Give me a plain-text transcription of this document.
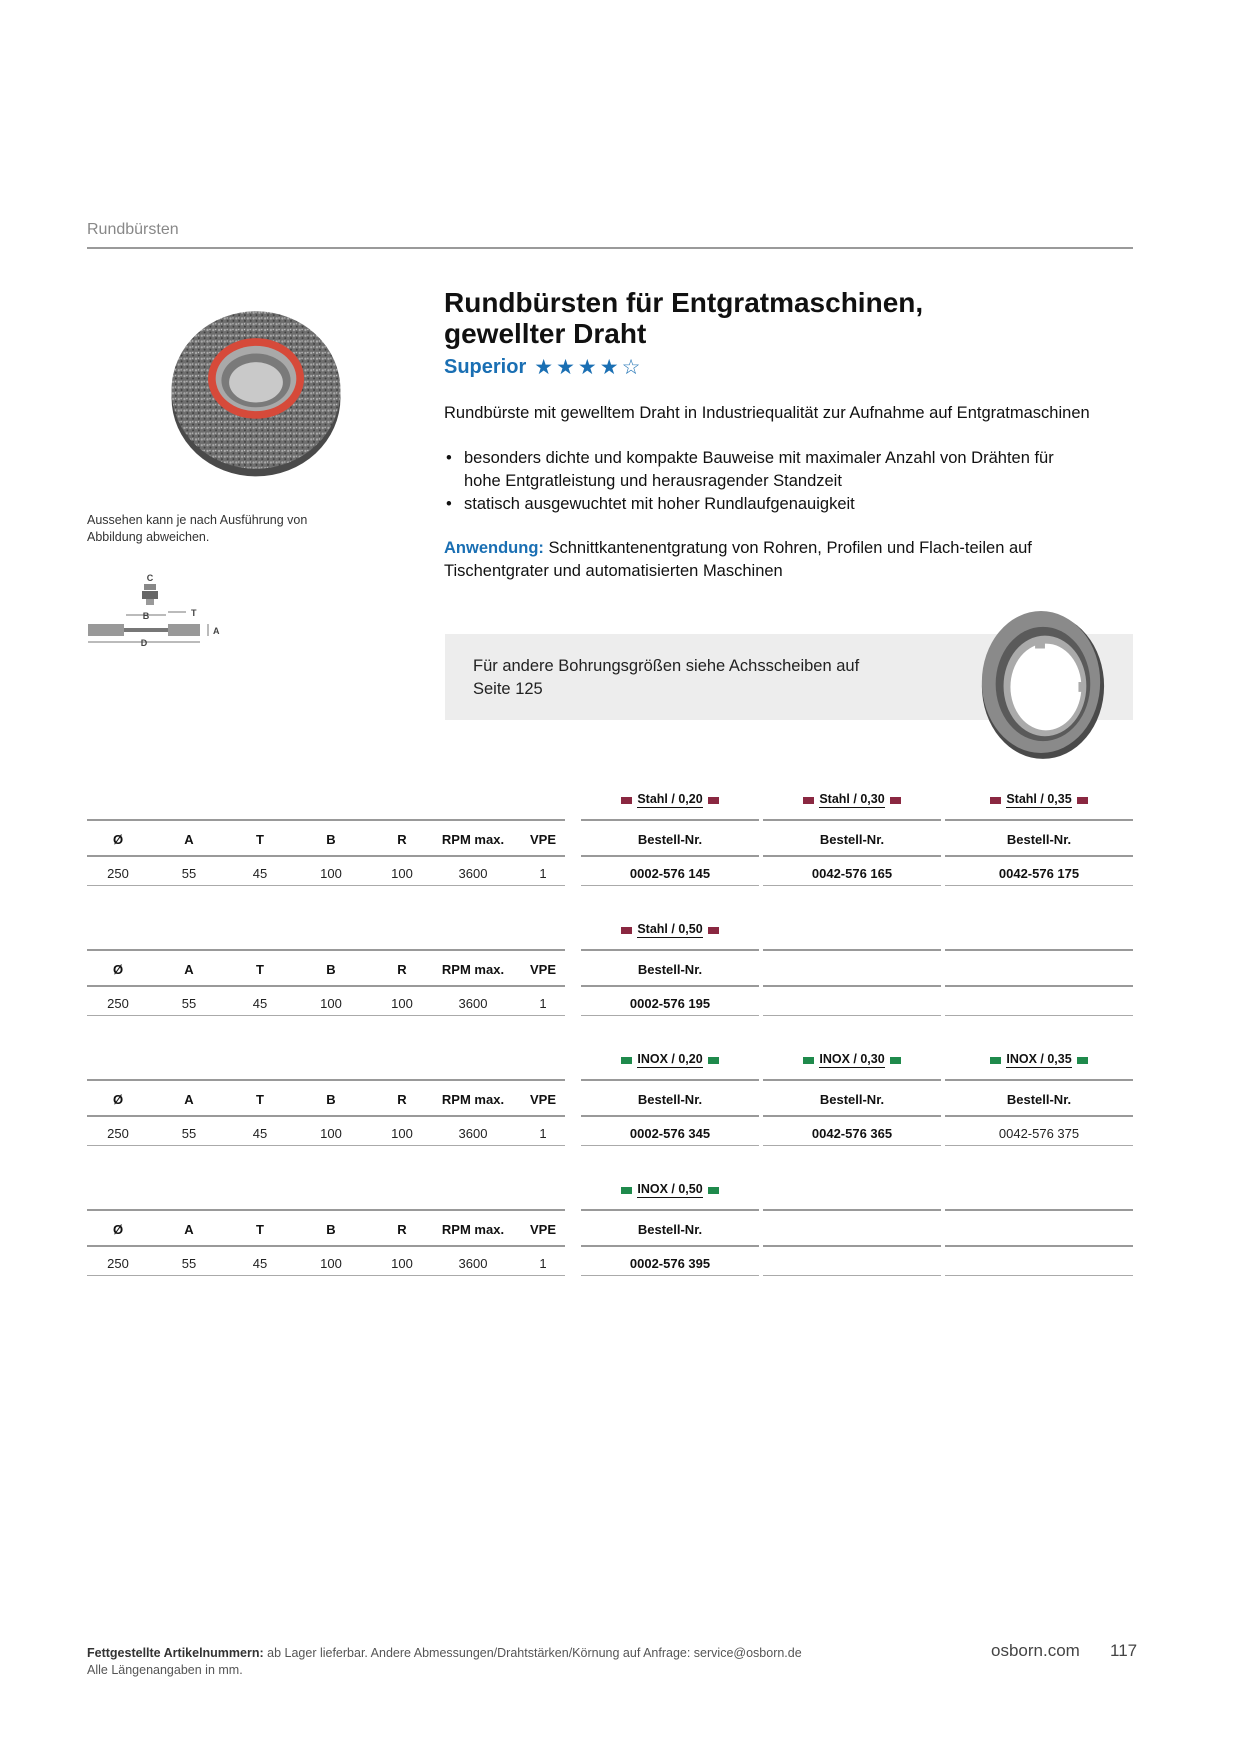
Rundbürsten
Aussehen kann je nach Ausführung von Abbildung abweichen.
C
B	T
A
D
Rundbürsten für Entgratmaschinen,
gewellter Draht
Superior ★ ★ ★ ★ ☆
Rundbürste mit gewelltem Draht in Industriequalität zur Aufnahme auf Entgratmaschinen
• besonders dichte und kompakte Bauweise mit maximaler Anzahl von Drähten für hohe Entgratleistung und herausragender Standzeit
• statisch ausgewuchtet mit hoher Rundlaufgenauigkeit
Anwendung: Schnittkantenentgratung von Rohren, Profilen und Flach-teilen auf Tischentgrater und automatisierten Maschinen
Für andere Bohrungsgrößen siehe Achsscheiben auf Seite 125
Stahl / 0,20	Stahl / 0,30	Stahl / 0,35
Ø	A	T	B	R	RPM max.	VPE	Bestell-Nr.	Bestell-Nr.	Bestell-Nr.
250	55	45	100	100	3600	1	0002-576 145	0042-576 165	0042-576 175
Stahl / 0,50
Ø	A	T	B	R	RPM max.	VPE	Bestell-Nr.
250	55	45	100	100	3600	1	0002-576 195
INOX / 0,20	INOX / 0,30	INOX / 0,35
Ø	A	T	B	R	RPM max.	VPE	Bestell-Nr.	Bestell-Nr.	Bestell-Nr.
250	55	45	100	100	3600	1	0002-576 345	0042-576 365	0042-576 375
INOX / 0,50
Ø	A	T	B	R	RPM max.	VPE	Bestell-Nr.
250	55	45	100	100	3600	1	0002-576 395
Fettgestellte Artikelnummern: ab Lager lieferbar. Andere Abmessungen/Drahtstärken/Körnung auf Anfrage: service@osborn.de
Alle Längenangaben in mm.
osborn.com 117
